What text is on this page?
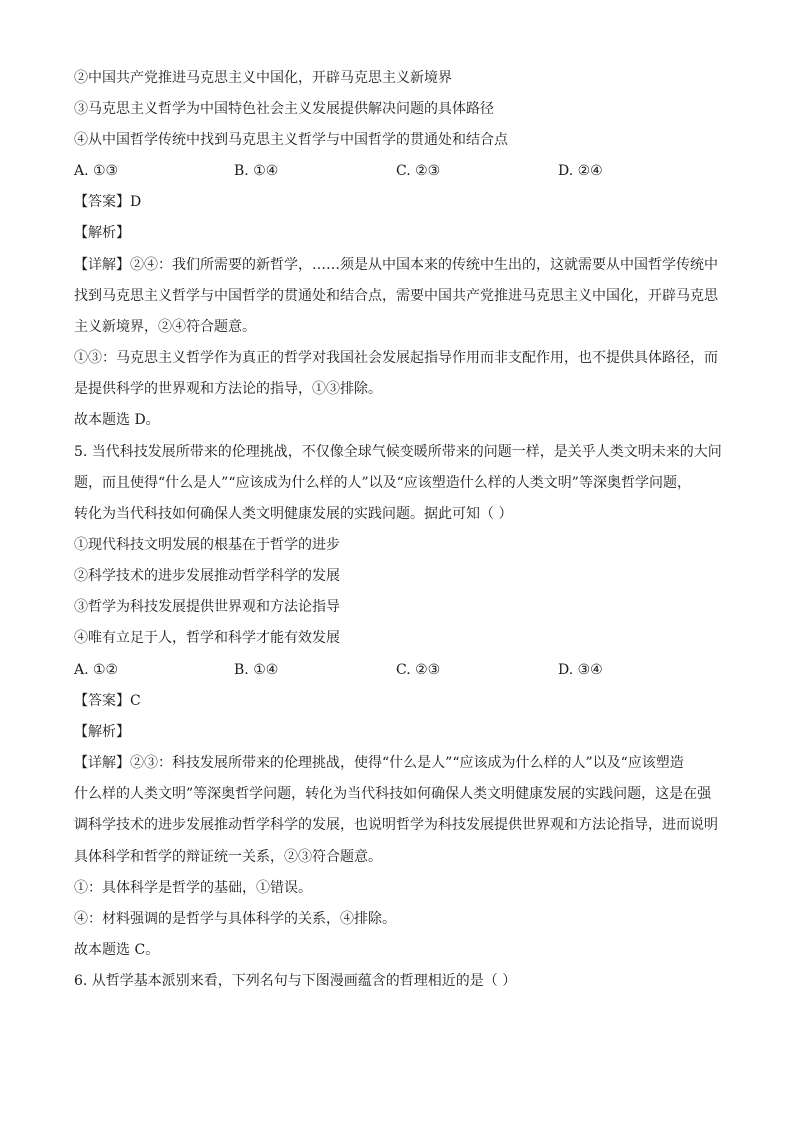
②中国共产党推进马克思主义中国化，开辟马克思主义新境界
③马克思主义哲学为中国特色社会主义发展提供解决问题的具体路径
④从中国哲学传统中找到马克思主义哲学与中国哲学的贯通处和结合点
A. ①③	B. ①④	C. ②③	D. ②④
【答案】D
【解析】
【详解】②④：我们所需要的新哲学，……须是从中国本来的传统中生出的，这就需要从中国哲学传统中
找到马克思主义哲学与中国哲学的贯通处和结合点，需要中国共产党推进马克思主义中国化，开辟马克思
主义新境界，②④符合题意。
①③：马克思主义哲学作为真正的哲学对我国社会发展起指导作用而非支配作用，也不提供具体路径，而
是提供科学的世界观和方法论的指导，①③排除。
故本题选 D。
5. 当代科技发展所带来的伦理挑战，不仅像全球气候变暖所带来的问题一样，是关乎人类文明未来的大问
题，而且使得“什么是人”“应该成为什么样的人”以及“应该塑造什么样的人类文明”等深奥哲学问题，
转化为当代科技如何确保人类文明健康发展的实践问题。据此可知（ ）
①现代科技文明发展的根基在于哲学的进步
②科学技术的进步发展推动哲学科学的发展
③哲学为科技发展提供世界观和方法论指导
④唯有立足于人，哲学和科学才能有效发展
A. ①②	B. ①④	C. ②③	D. ③④
【答案】C
【解析】
【详解】②③：科技发展所带来的伦理挑战，使得“什么是人”“应该成为什么样的人”以及“应该塑造
什么样的人类文明”等深奥哲学问题，转化为当代科技如何确保人类文明健康发展的实践问题，这是在强
调科学技术的进步发展推动哲学科学的发展，也说明哲学为科技发展提供世界观和方法论指导，进而说明
具体科学和哲学的辩证统一关系，②③符合题意。
①：具体科学是哲学的基础，①错误。
④：材料强调的是哲学与具体科学的关系，④排除。
故本题选 C。
6. 从哲学基本派别来看，下列名句与下图漫画蕴含的哲理相近的是（ ）
